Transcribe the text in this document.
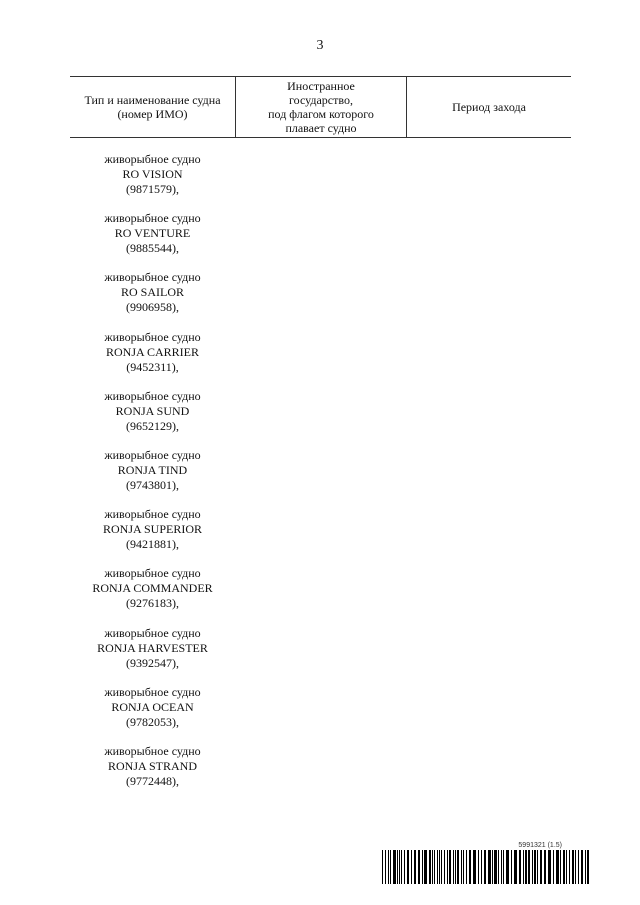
3
Тип и наименование судна
(номер ИМО)
Иностранное
государство,
под флагом которого
плавает судно
Период захода
живорыбное судно
RO VISION
(9871579),
живорыбное судно
RO VENTURE
(9885544),
живорыбное судно
RO SAILOR
(9906958),
живорыбное судно
RONJA CARRIER
(9452311),
живорыбное судно
RONJA SUND
(9652129),
живорыбное судно
RONJA TIND
(9743801),
живорыбное судно
RONJA SUPERIOR
(9421881),
живорыбное судно
RONJA COMMANDER
(9276183),
живорыбное судно
RONJA HARVESTER
(9392547),
живорыбное судно
RONJA OCEAN
(9782053),
живорыбное судно
RONJA STRAND
(9772448),
5991321 (1.5)
